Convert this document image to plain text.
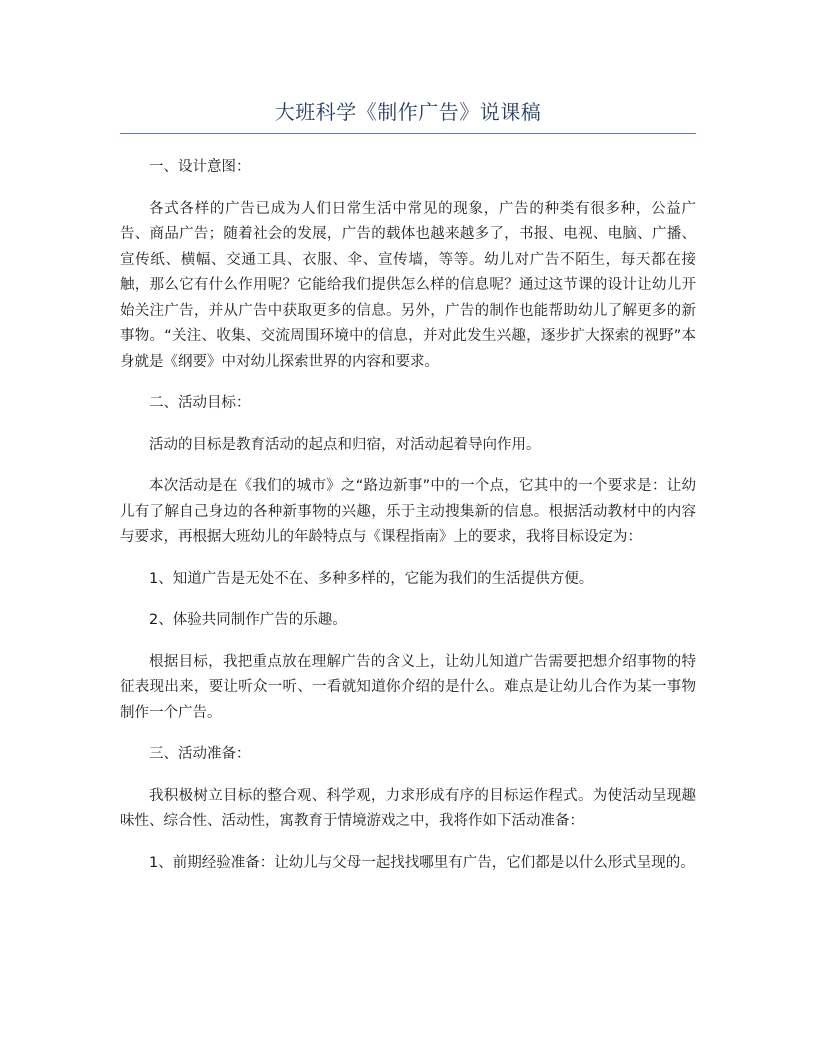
大班科学《制作广告》说课稿

一、设计意图：

各式各样的广告已成为人们日常生活中常见的现象，广告的种类有很多种，公益广告、商品广告；随着社会的发展，广告的载体也越来越多了，书报、电视、电脑、广播、宣传纸、横幅、交通工具、衣服、伞、宣传墙，等等。幼儿对广告不陌生，每天都在接触，那么它有什么作用呢？它能给我们提供怎么样的信息呢？通过这节课的设计让幼儿开始关注广告，并从广告中获取更多的信息。另外，广告的制作也能帮助幼儿了解更多的新事物。“关注、收集、交流周围环境中的信息，并对此发生兴趣，逐步扩大探索的视野”本身就是《纲要》中对幼儿探索世界的内容和要求。

二、活动目标：

活动的目标是教育活动的起点和归宿，对活动起着导向作用。

本次活动是在《我们的城市》之“路边新事”中的一个点，它其中的一个要求是：让幼儿有了解自己身边的各种新事物的兴趣，乐于主动搜集新的信息。根据活动教材中的内容与要求，再根据大班幼儿的年龄特点与《课程指南》上的要求，我将目标设定为：

1、知道广告是无处不在、多种多样的，它能为我们的生活提供方便。

2、体验共同制作广告的乐趣。

根据目标，我把重点放在理解广告的含义上，让幼儿知道广告需要把想介绍事物的特征表现出来，要让听众一听、一看就知道你介绍的是什么。难点是让幼儿合作为某一事物制作一个广告。

三、活动准备：

我积极树立目标的整合观、科学观，力求形成有序的目标运作程式。为使活动呈现趣味性、综合性、活动性，寓教育于情境游戏之中，我将作如下活动准备：

1、前期经验准备：让幼儿与父母一起找找哪里有广告，它们都是以什么形式呈现的。
